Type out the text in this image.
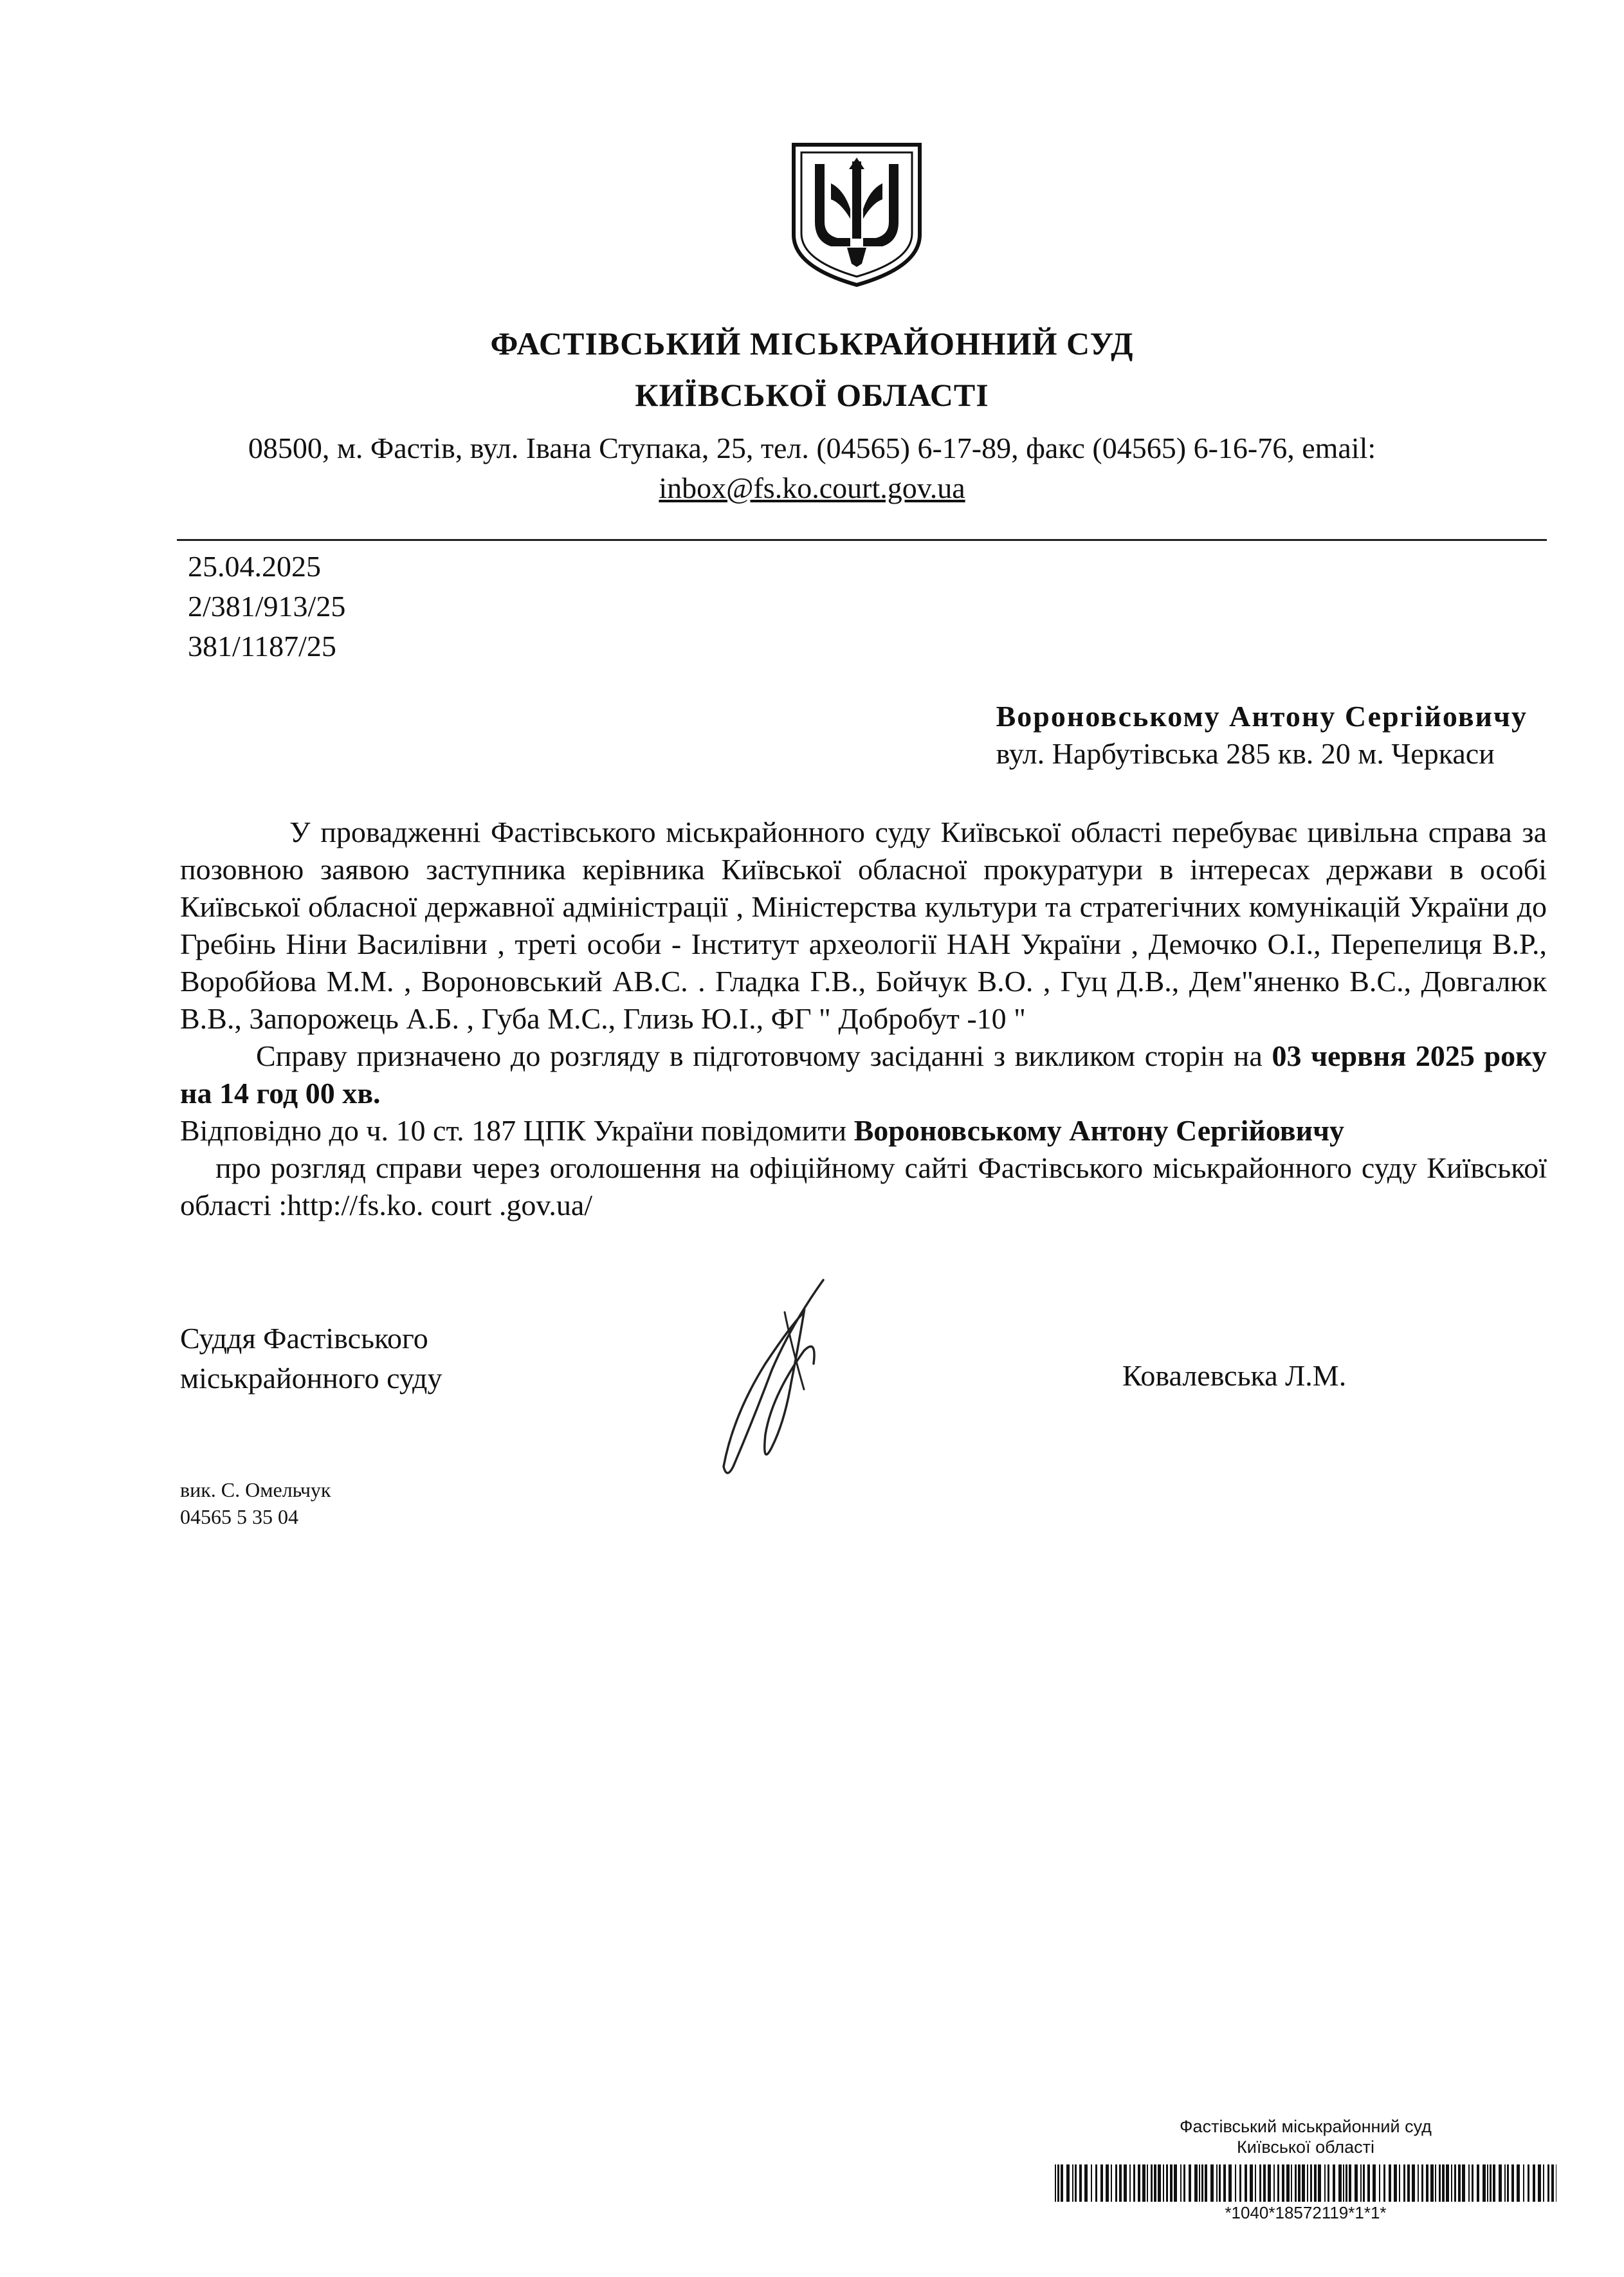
ФАСТІВСЬКИЙ МІСЬКРАЙОННИЙ СУД
КИЇВСЬКОЇ ОБЛАСТІ
08500, м. Фастів, вул. Івана Ступака, 25, тел. (04565) 6-17-89, факс (04565) 6-16-76, email:
inbox@fs.ko.court.gov.ua
25.04.2025
2/381/913/25
381/1187/25
Вороновському Антону Сергійовичу
вул. Нарбутівська 285 кв. 20 м. Черкаси

У провадженні Фастівського міськрайонного суду Київської області перебуває цивільна справа за позовною заявою заступника керівника Київської обласної прокуратури в інтересах держави в особі Київської обласної державної адміністрації , Міністерства культури та стратегічних комунікацій України до Гребінь Ніни Василівни , треті особи - Інститут археології НАН України , Демочко О.І., Перепелиця В.Р., Воробйова М.М. , Вороновський АВ.С. . Гладка Г.В., Бойчук В.О. , Гуц Д.В., Дем"яненко В.С., Довгалюк В.В., Запорожець А.Б. , Губа М.С., Глизь Ю.І., ФГ " Добробут -10 "

Справу призначено до розгляду в підготовчому засіданні з викликом сторін на 03 червня 2025 року на 14 год 00 хв.

Відповідно до ч. 10 ст. 187 ЦПК України повідомити Вороновському Антону Сергійовичу

про розгляд справи через оголошення на офіційному сайті Фастівського міськрайонного суду Київської області :http://fs.ko. court .gov.ua/

Суддя Фастівського
міськрайонного суду	Ковалевська Л.М.
вик. С. Омельчук
04565 5 35 04
Фастівський міськрайонний суд
Київської області
*1040*18572119*1*1*
